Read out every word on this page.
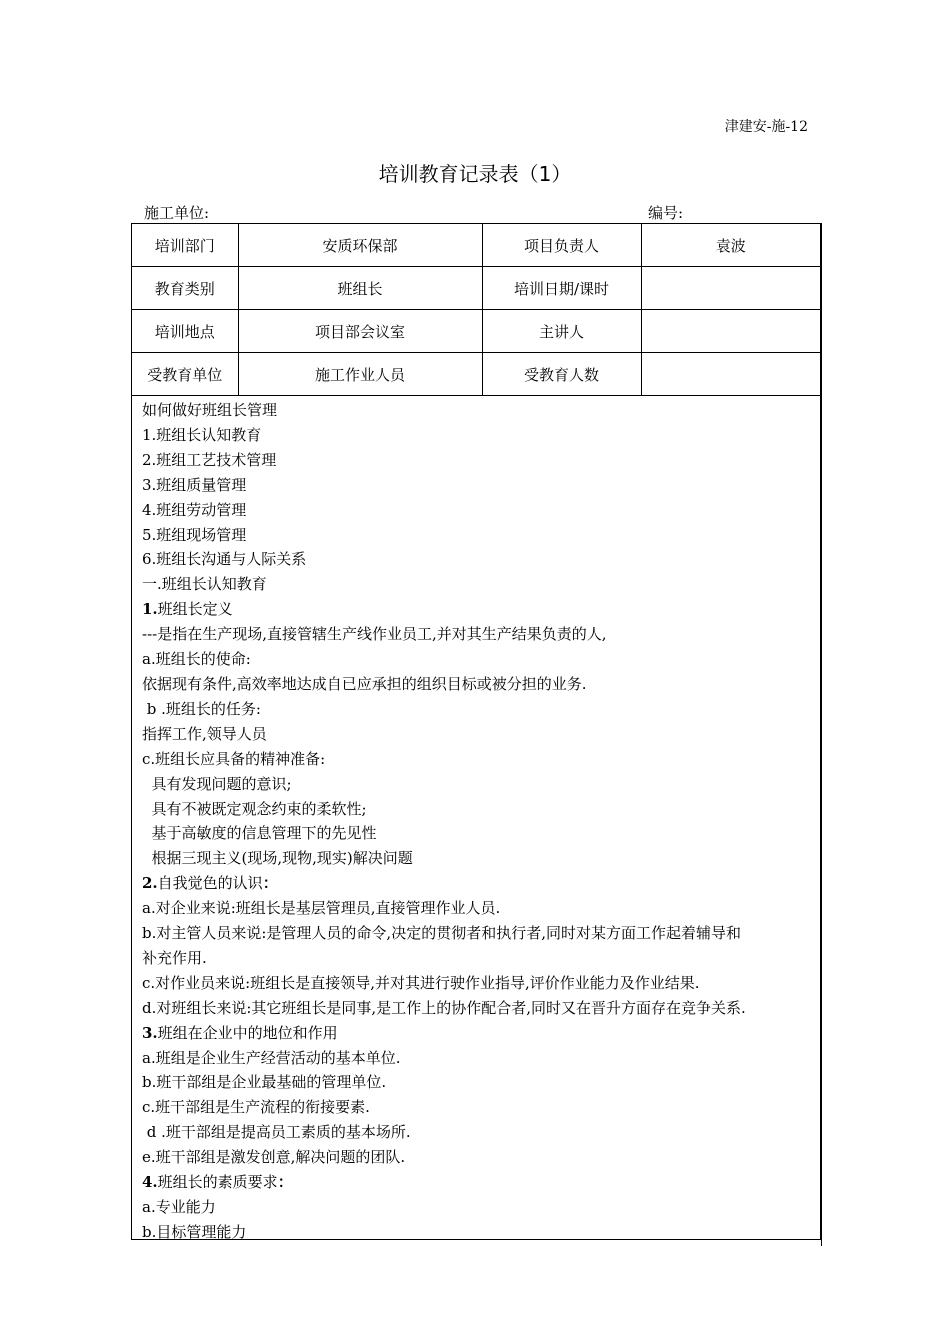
津建安-施-12
培训教育记录表（1）
施工单位:	编号:
培训部门	安质环保部	项目负责人	袁波
教育类别	班组长	培训日期/课时	
培训地点	项目部会议室	主讲人	
受教育单位	施工作业人员	受教育人数	
如何做好班组长管理
1.班组长认知教育
2.班组工艺技术管理
3.班组质量管理
4.班组劳动管理
5.班组现场管理
6.班组长沟通与人际关系
一.班组长认知教育
1.班组长定义
---是指在生产现场,直接管辖生产线作业员工,并对其生产结果负责的人,
a.班组长的使命:
依据现有条件,高效率地达成自已应承担的组织目标或被分担的业务.
b .班组长的任务:
指挥工作,领导人员
c.班组长应具备的精神准备:
具有发现问题的意识;
具有不被既定观念约束的柔软性;
基于高敏度的信息管理下的先见性
根据三现主义(现场,现物,现实)解决问题
2.自我觉色的认识：
a.对企业来说:班组长是基层管理员,直接管理作业人员.
b.对主管人员来说:是管理人员的命令,决定的贯彻者和执行者,同时对某方面工作起着辅导和
补充作用.
c.对作业员来说:班组长是直接领导,并对其进行驶作业指导,评价作业能力及作业结果.
d.对班组长来说:其它班组长是同事,是工作上的协作配合者,同时又在晋升方面存在竞争关系.
3.班组在企业中的地位和作用
a.班组是企业生产经营活动的基本单位.
b.班干部组是企业最基础的管理单位.
c.班干部组是生产流程的衔接要素.
d .班干部组是提高员工素质的基本场所.
e.班干部组是激发创意,解决问题的团队.
4.班组长的素质要求：
a.专业能力
b.目标管理能力
